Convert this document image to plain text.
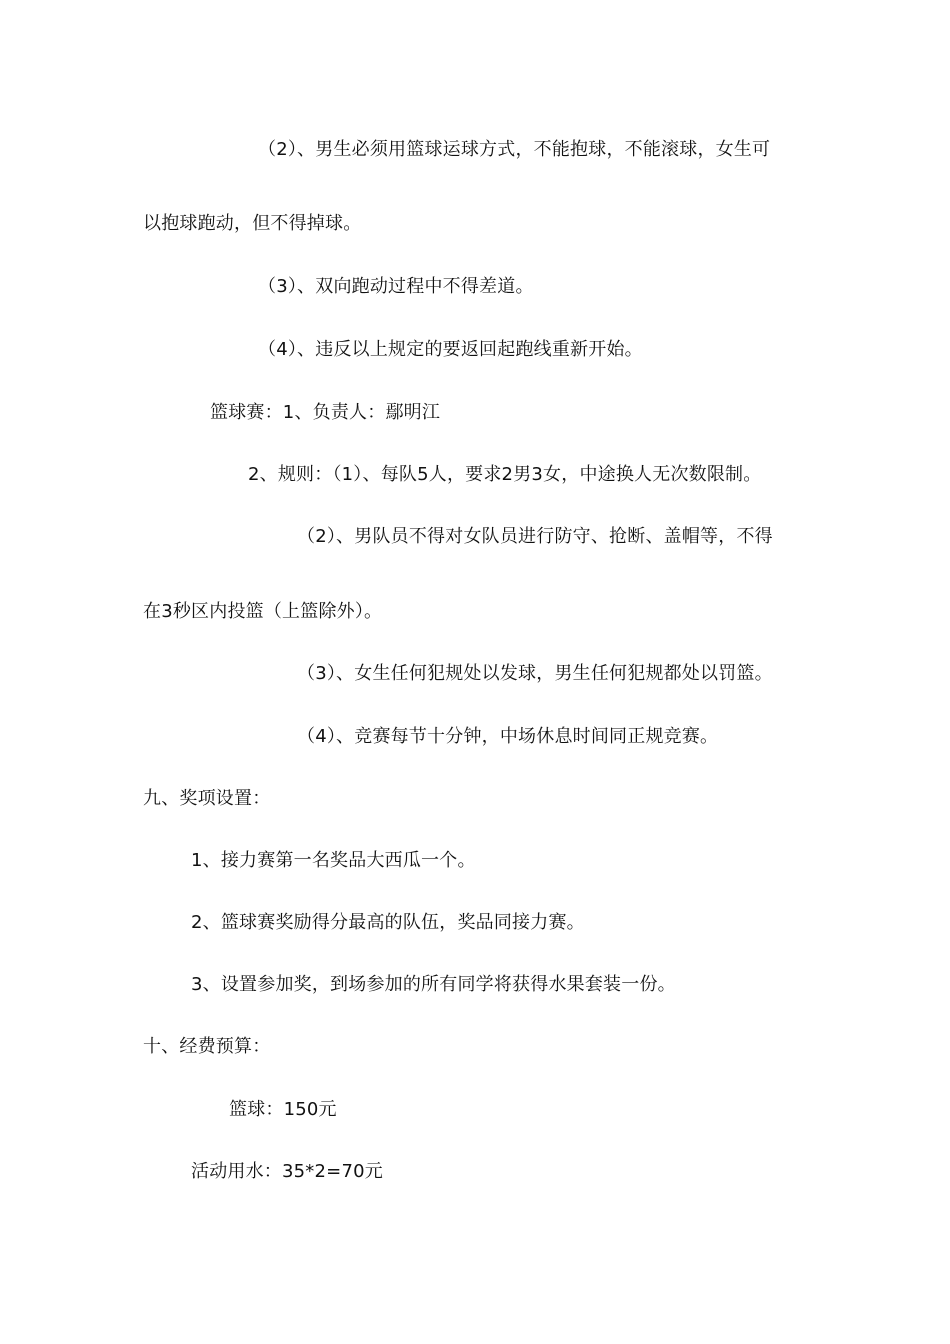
（2）、男生必须用篮球运球方式，不能抱球，不能滚球，女生可
以抱球跑动，但不得掉球。
（3）、双向跑动过程中不得差道。
（4）、违反以上规定的要返回起跑线重新开始。
篮球赛：1、负责人：鄢明江
2、规则：（1）、每队5人，要求2男3女，中途换人无次数限制。
（2）、男队员不得对女队员进行防守、抢断、盖帽等，不得
在3秒区内投篮（上篮除外）。
（3）、女生任何犯规处以发球，男生任何犯规都处以罚篮。
（4）、竞赛每节十分钟，中场休息时间同正规竞赛。
九、奖项设置：
1、接力赛第一名奖品大西瓜一个。
2、篮球赛奖励得分最高的队伍，奖品同接力赛。
3、设置参加奖，到场参加的所有同学将获得水果套装一份。
十、经费预算：
篮球：150元
活动用水：35*2=70元
